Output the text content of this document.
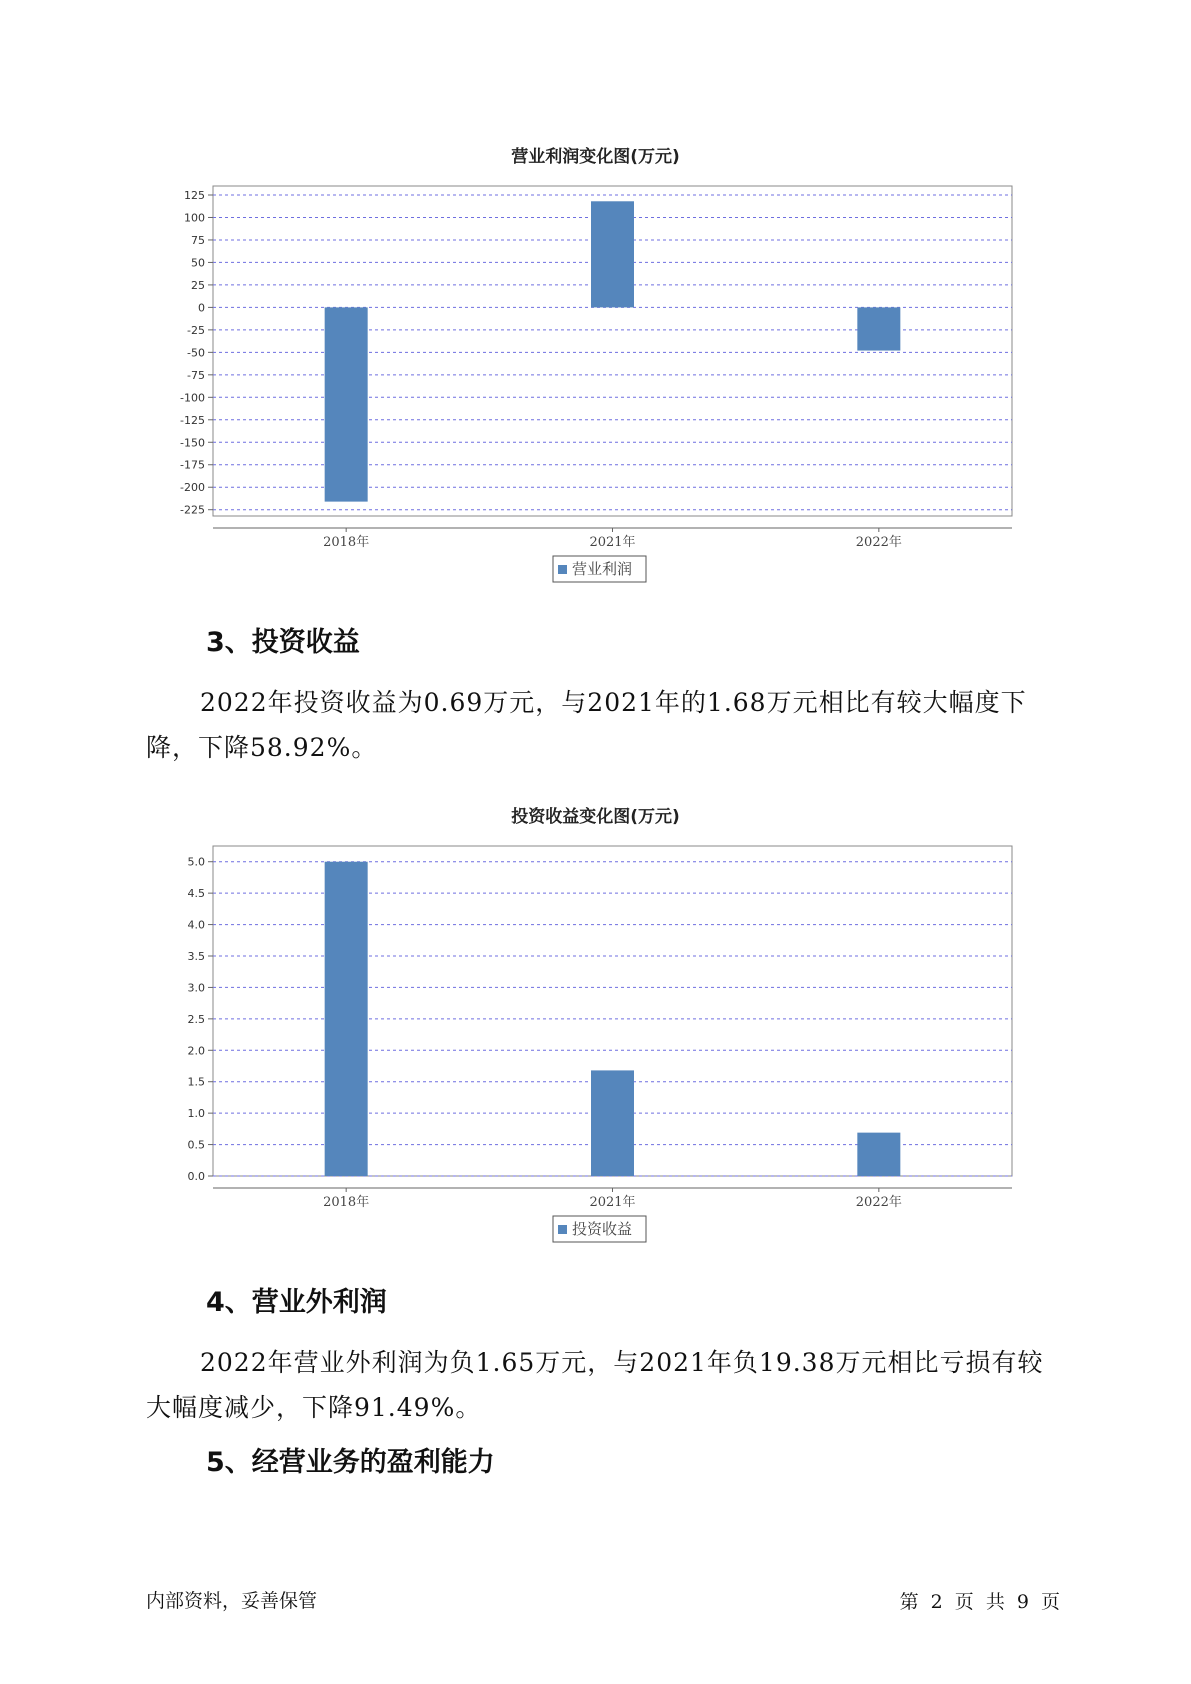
营业利润变化图(万元)
125
100
75
50
25
0
-25
-50
-75
-100
-125
-150
-175
-200
-225
2018年	2021年	2022年
营业利润
3、投资收益
2022年投资收益为0.69万元，与2021年的1.68万元相比有较大幅度下降，下降58.92%。
投资收益变化图(万元)
5.0
4.5
4.0
3.5
3.0
2.5
2.0
1.5
1.0
0.5
0.0
2018年	2021年	2022年
投资收益
4、营业外利润
2022年营业外利润为负1.65万元，与2021年负19.38万元相比亏损有较大幅度减少，下降91.49%。
5、经营业务的盈利能力
内部资料，妥善保管	第 2 页 共 9 页
